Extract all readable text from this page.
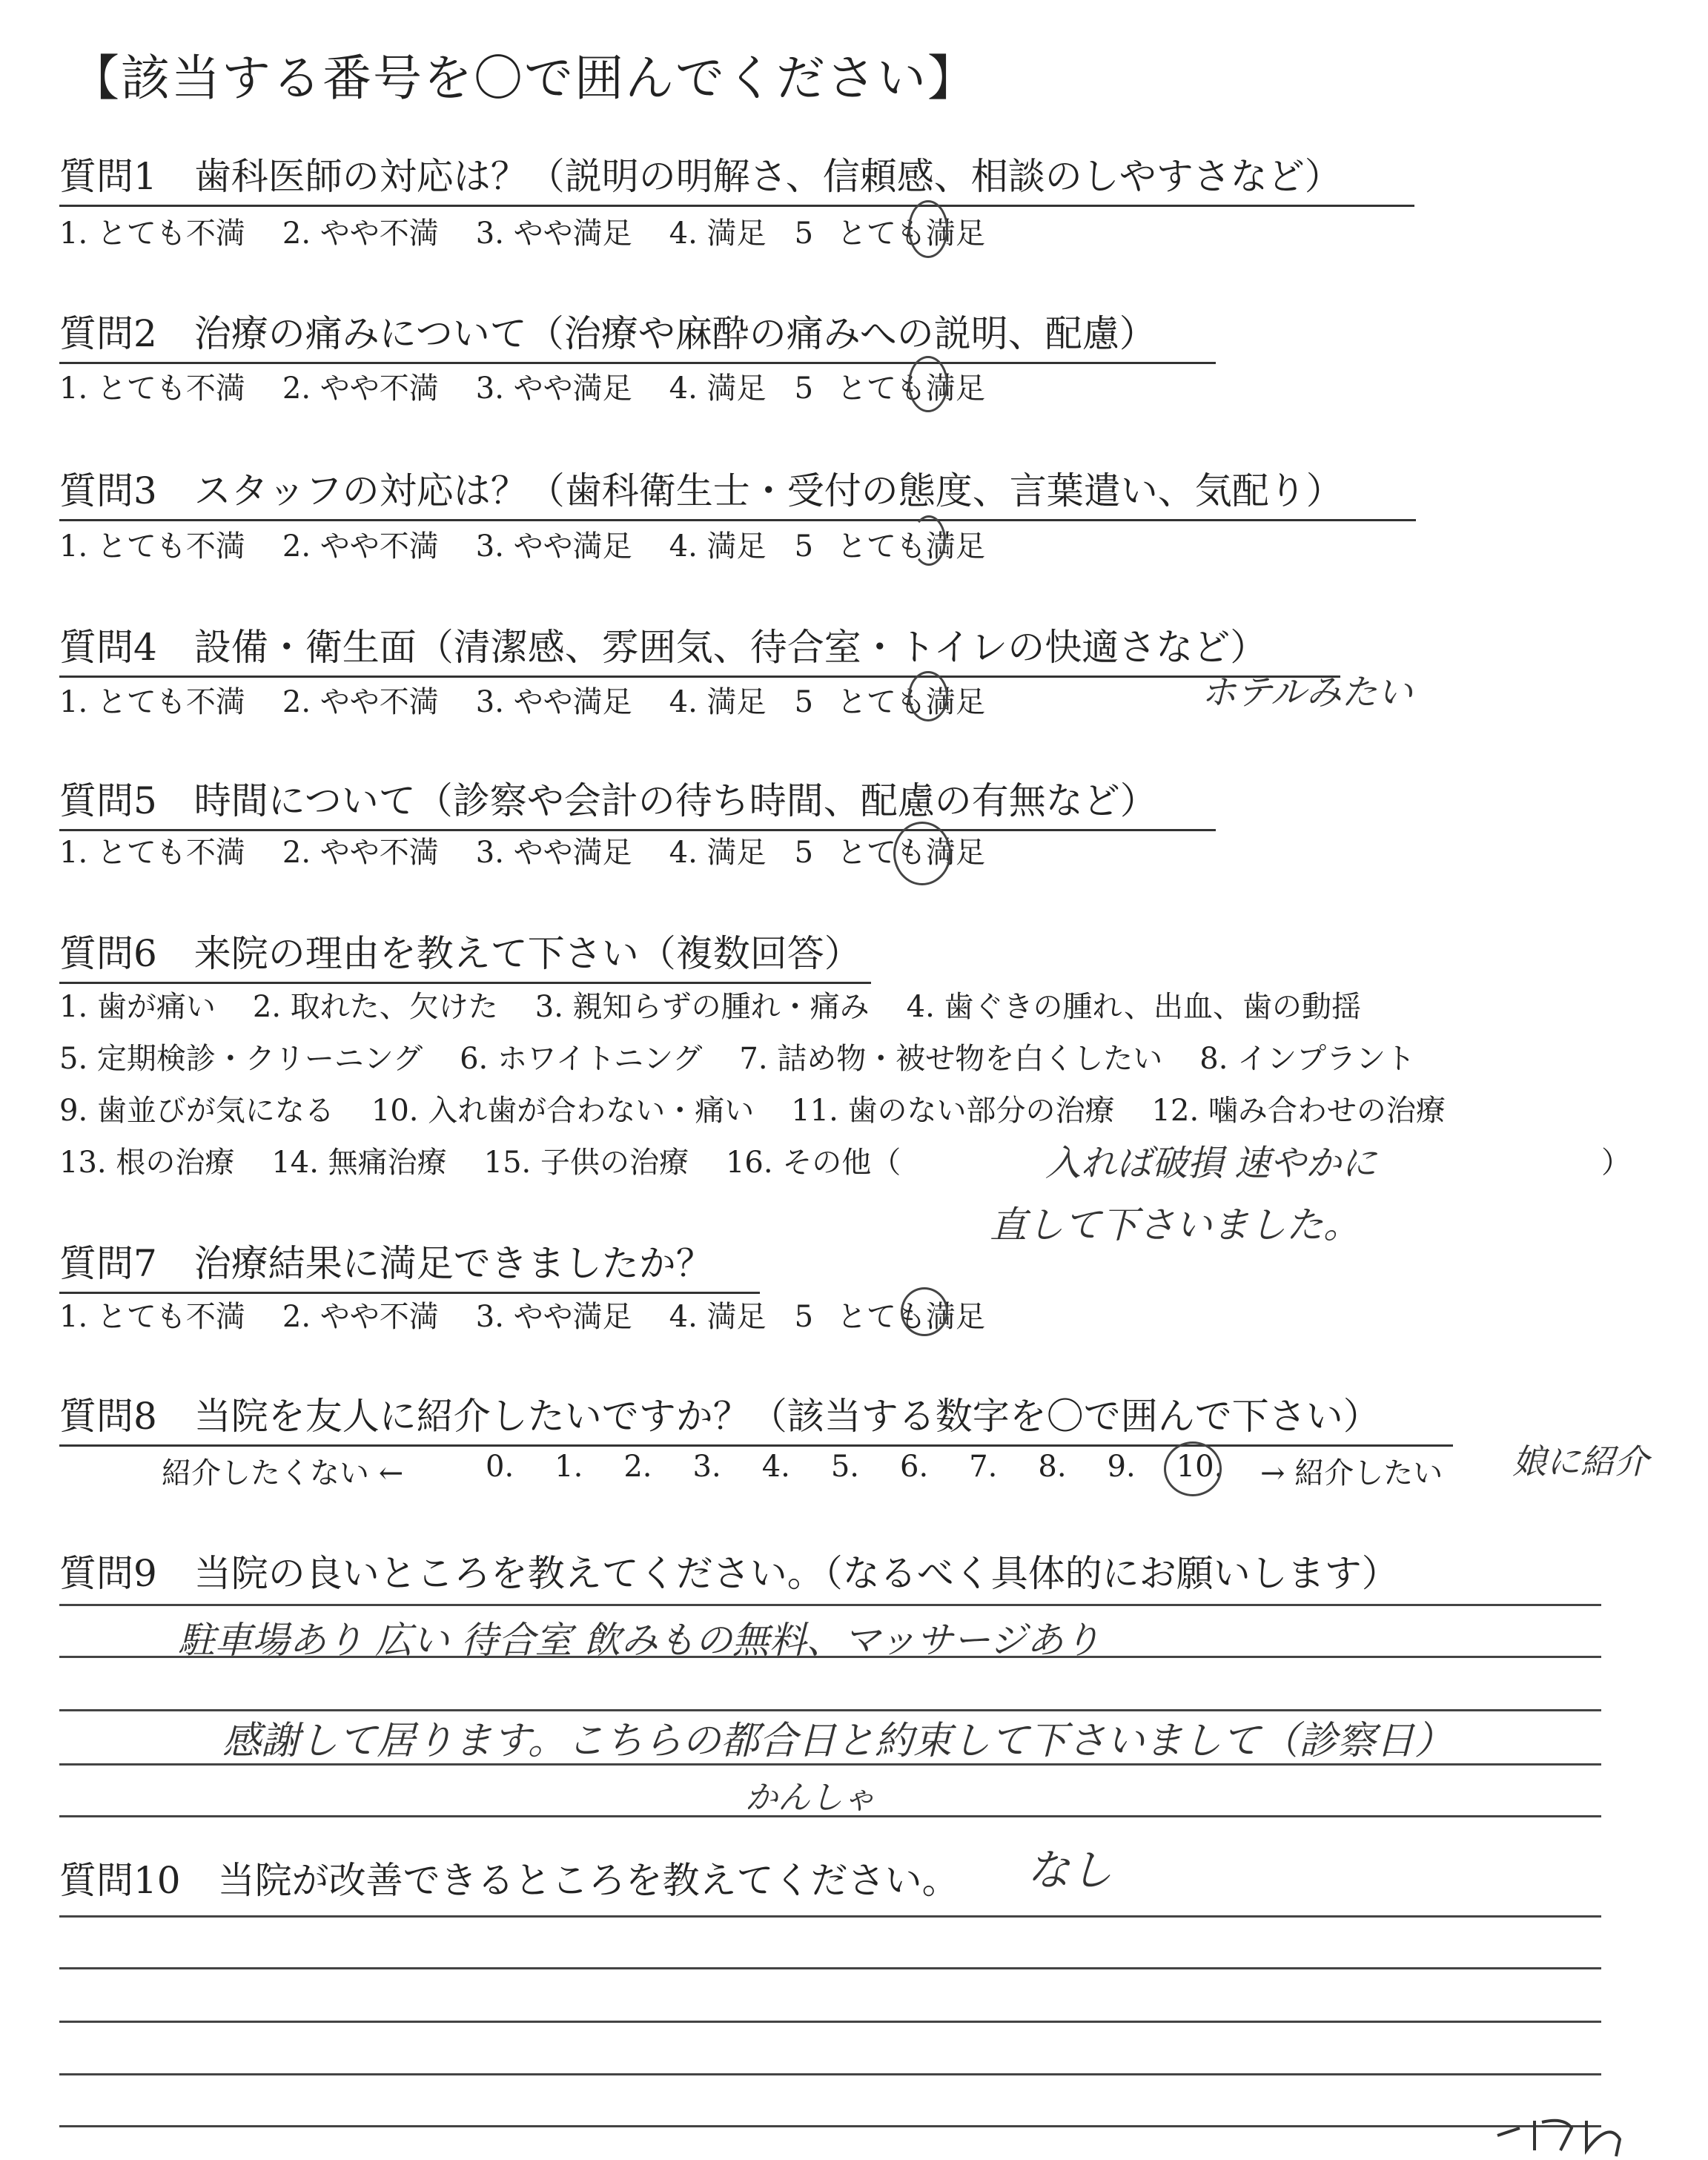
【該当する番号を〇で囲んでください】
質問1　歯科医師の対応は？（説明の明解さ、信頼感、相談のしやすさなど）
1. とても不満 2. やや不満 3. やや満足 4. 満足 5 とても満足
質問2　治療の痛みについて（治療や麻酔の痛みへの説明、配慮）
1. とても不満 2. やや不満 3. やや満足 4. 満足 5 とても満足
質問3　スタッフの対応は？（歯科衛生士・受付の態度、言葉遣い、気配り）
1. とても不満 2. やや不満 3. やや満足 4. 満足 5 とても満足
質問4　設備・衛生面（清潔感、雰囲気、待合室・トイレの快適さなど）
1. とても不満 2. やや不満 3. やや満足 4. 満足 5 とても満足	ホテルみたい
質問5　時間について（診察や会計の待ち時間、配慮の有無など）
1. とても不満 2. やや不満 3. やや満足 4. 満足 5 とても満足
質問6　来院の理由を教えて下さい（複数回答）
1. 歯が痛い 2. 取れた、欠けた 3. 親知らずの腫れ・痛み 4. 歯ぐきの腫れ、出血、歯の動揺
5. 定期検診・クリーニング 6. ホワイトニング 7. 詰め物・被せ物を白くしたい 8. インプラント
9. 歯並びが気になる 10. 入れ歯が合わない・痛い 11. 歯のない部分の治療 12. 噛み合わせの治療
13. 根の治療 14. 無痛治療 15. 子供の治療 16. その他（	）
入れば破損 速やかに
直して下さいました。
質問7　治療結果に満足できましたか？
1. とても不満 2. やや不満 3. やや満足 4. 満足 5 とても満足
質問8　当院を友人に紹介したいですか？（該当する数字を〇で囲んで下さい）
紹介したくない ←	0. 1. 2. 3. 4. 5. 6. 7. 8. 9. 10. → 紹介したい 娘に紹介
質問9　当院の良いところを教えてください。（なるべく具体的にお願いします）
駐車場あり 広い 待合室 飲みもの無料、マッサージあり
感謝して居ります。こちらの都合日と約束して下さいまして（診察日）
かんしゃ
質問10　当院が改善できるところを教えてください。 なし
